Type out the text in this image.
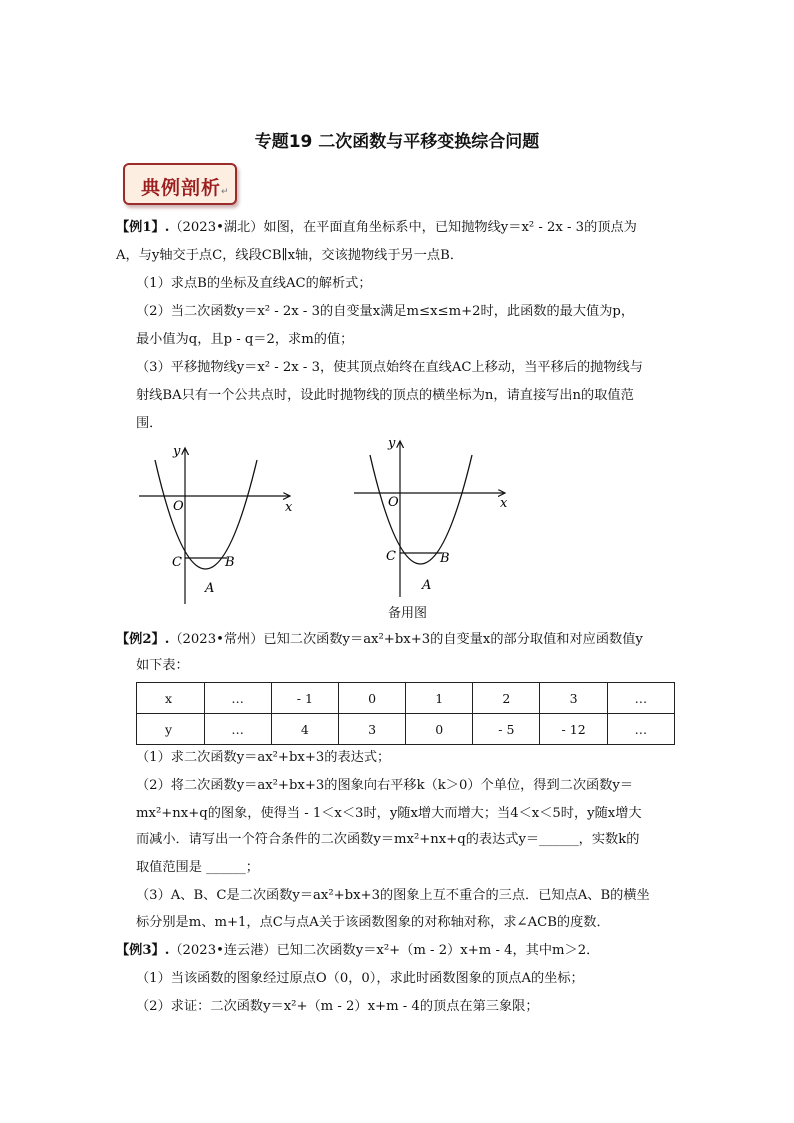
专题19 二次函数与平移变换综合问题
典例剖析↵
【例1】.（2023•湖北）如图，在平面直角坐标系中，已知抛物线y＝x² - 2x - 3的顶点为
A，与y轴交于点C，线段CB∥x轴，交该抛物线于另一点B．
（1）求点B的坐标及直线AC的解析式；
（2）当二次函数y＝x² - 2x - 3的自变量x满足m≤x≤m+2时，此函数的最大值为p，
最小值为q，且p - q＝2，求m的值；
（3）平移抛物线y＝x² - 2x - 3，使其顶点始终在直线AC上移动，当平移后的抛物线与
射线BA只有一个公共点时，设此时抛物线的顶点的横坐标为n，请直接写出n的取值范
围．
y
x
O
C	B
A
y
x
O
C	B
A
备用图
【例2】.（2023•常州）已知二次函数y＝ax²+bx+3的自变量x的部分取值和对应函数值y
如下表：
x	…	- 1	0	1	2	3	…
y	…	4	3	0	- 5	- 12	…
（1）求二次函数y＝ax²+bx+3的表达式；
（2）将二次函数y＝ax²+bx+3的图象向右平移k（k＞0）个单位，得到二次函数y＝
mx²+nx+q的图象，使得当 - 1＜x＜3时，y随x增大而增大；当4＜x＜5时，y随x增大
而减小．请写出一个符合条件的二次函数y＝mx²+nx+q的表达式y＝______，实数k的
取值范围是 ______；
（3）A、B、C是二次函数y＝ax²+bx+3的图象上互不重合的三点．已知点A、B的横坐
标分别是m、m+1，点C与点A关于该函数图象的对称轴对称，求∠ACB的度数．
【例3】.（2023•连云港）已知二次函数y＝x²+（m - 2）x+m - 4，其中m＞2．
（1）当该函数的图象经过原点O（0，0），求此时函数图象的顶点A的坐标；
（2）求证：二次函数y＝x²+（m - 2）x+m - 4的顶点在第三象限；
